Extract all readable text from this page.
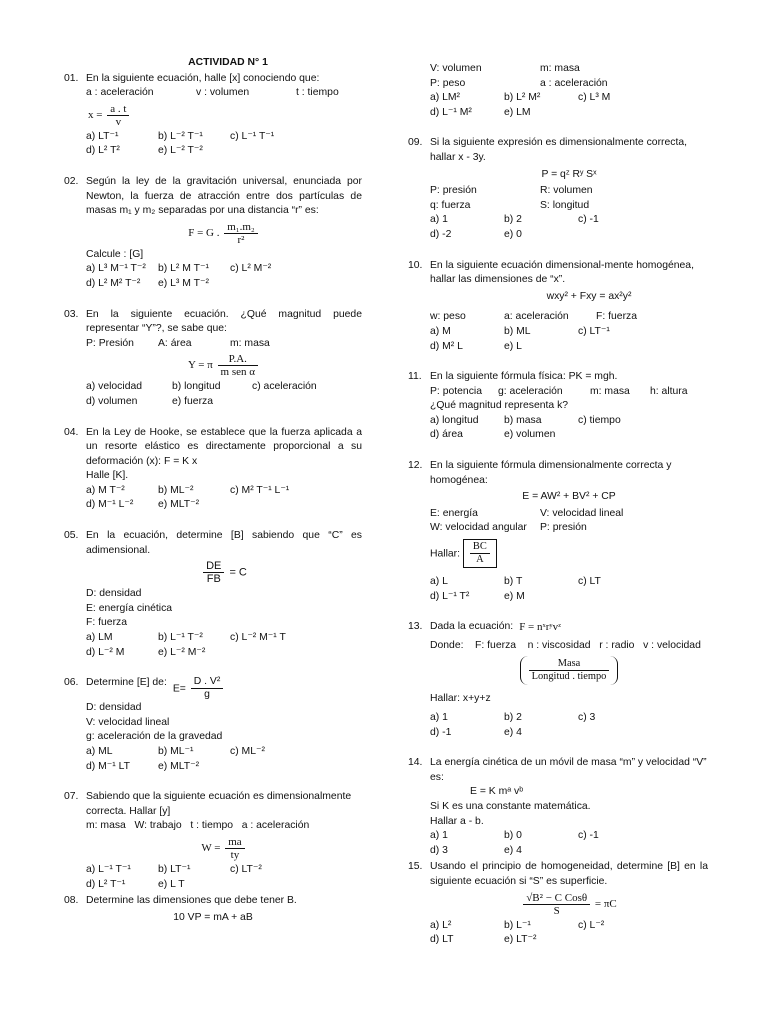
ACTIVIDAD N° 1
01. En la siguiente ecuación, halle [x] conociendo que:
a : aceleración	v : volumen	t : tiempo
$x = \frac{a . t}{v}$
a) LT⁻¹	b) L⁻² T⁻¹	c) L⁻¹ T⁻¹
d) L² T²	e) L⁻² T⁻²
02. Según la ley de la gravitación universal, enunciada por Newton, la fuerza de atracción entre dos partículas de masas m₁ y m₂ separadas por una distancia “r” es:
F = G . $\frac{\text{m₁.m₂}}{\text{r²}}$
Calcule : [G]
a) L³ M⁻¹ T⁻²	b) L² M T⁻¹	c) L² M⁻²
d) L² M² T⁻²	e) L³ M T⁻²
03. En la siguiente ecuación. ¿Qué magnitud puede representar “Y”?, se sabe que:
P: Presión	A: área	m: masa
Y = π $\frac{P.A.}{\text{m sen α}}$
a) velocidad	b) longitud	c) aceleración
d) volumen	e) fuerza
04. En la Ley de Hooke, se establece que la fuerza aplicada a un resorte elástico es directamente proporcional a su deformación (x): F = K x
Halle [K].
a) M T⁻²	b) ML⁻²	c) M² T⁻¹ L⁻¹
d) M⁻¹ L⁻²	e) MLT⁻²
05. En la ecuación, determine [B] sabiendo que “C” es adimensional.
$\frac{DE}{FB} = C$
D: densidad
E: energía cinética
F: fuerza
a) LM	b) L⁻¹ T⁻²	c) L⁻² M⁻¹ T
d) L⁻² M	e) L⁻² M⁻²
06. Determine [E] de:
$E= \frac{\text{D . V²}}{g}$
D: densidad
V: velocidad lineal
g: aceleración de la gravedad
a) ML	b) ML⁻¹	c) ML⁻²
d) M⁻¹ LT	e) MLT⁻²
07. Sabiendo que la siguiente ecuación es dimensionalmente correcta. Hallar [y]
m: masa   W: trabajo   t : tiempo   a : aceleración
$W = \frac{ma}{ty}$
a) L⁻¹ T⁻¹	b) LT⁻¹	c) LT⁻²
d) L² T⁻¹	e) L T
08. Determine las dimensiones que debe tener B.
10 VP = mA + aB
V: volumen	m: masa
P: peso	a : aceleración
a) LM²	b) L² M²	c) L³ M
d) L⁻¹ M²	e) LM
09. Si la siguiente expresión es dimensionalmente correcta, hallar x - 3y.
P = qᶻ Rʸ Sˣ
P: presión	R: volumen
q: fuerza	S: longitud
a) 1	b) 2	c) -1
d) -2	e) 0
10. En la siguiente ecuación dimensional-mente homogénea, hallar las dimensiones de “x”.
wxy² + Fxy = ax²y²
w: peso	a: aceleración	F: fuerza
a) M	b) ML	c) LT⁻¹
d) M² L	e) L
11. En la siguiente fórmula física: PK = mgh.
P: potencia	g: aceleración	m: masa	h: altura
¿Qué magnitud representa k?
a) longitud	b) masa	c) tiempo
d) área	e) volumen
12. En la siguiente fórmula dimensionalmente correcta y homogénea:
E = AW² + BV² + CP
E: energía	V: velocidad lineal
W: velocidad angular	P: presión
Hallar: $\frac{BC}{A}$
a) L	b) T	c) LT
d) L⁻¹ T²	e) M
13. Dada la ecuación: F = nˣrʸvᶻ
Donde:    F: fuerza    n : viscosidad   r : radio   v : velocidad
$\frac{\text{Masa}}{\text{Longitud . tiempo}}$
Hallar: x+y+z
a) 1	b) 2	c) 3
d) -1	e) 4
14. La energía cinética de un móvil de masa “m” y velocidad “V” es:
E = K mᵃ vᵇ
Si K es una constante matemática.
Hallar a - b.
a) 1	b) 0	c) -1
d) 3	e) 4
15. Usando el principio de homogeneidad, determine [B] en la siguiente ecuación si “S” es superficie.
$\frac{\text{√B² − C Cosθ}}{S} = \pi C$
a) L²	b) L⁻¹	c) L⁻²
d) LT	e) LT⁻²
